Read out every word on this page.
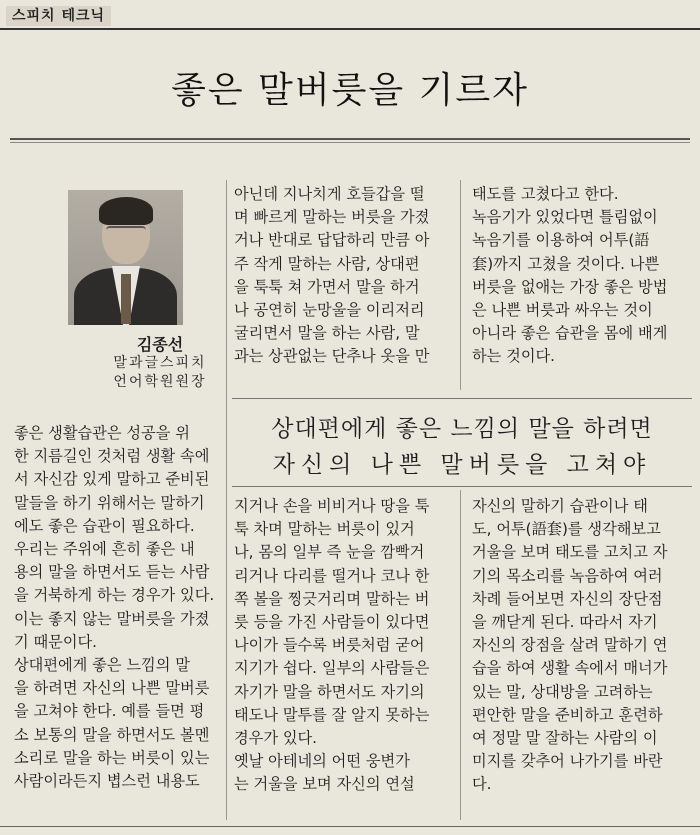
스피치 테크닉
좋은 말버릇을 기르자
김종선
말과글스피치
언어학원원장
좋은 생활습관은 성공을 위
한 지름길인 것처럼 생활 속에
서 자신감 있게 말하고 준비된
말들을 하기 위해서는 말하기
에도 좋은 습관이 필요하다.
우리는 주위에 흔히 좋은 내
용의 말을 하면서도 듣는 사람
을 거북하게 하는 경우가 있다.
이는 좋지 않는 말버릇을 가졌
기 때문이다.
상대편에게 좋은 느낌의 말
을 하려면 자신의 나쁜 말버릇
을 고쳐야 한다. 예를 들면 평
소 보통의 말을 하면서도 볼멘
소리로 말을 하는 버릇이 있는
사람이라든지 볍스런 내용도
아닌데 지나치게 호들갑을 떨
며 빠르게 말하는 버릇을 가졌
거나 반대로 답답하리 만큼 아
주 작게 말하는 사람, 상대편
을 툭툭 쳐 가면서 말을 하거
나 공연히 눈망울을 이리저리
굴리면서 말을 하는 사람, 말
과는 상관없는 단추나 옷을 만
태도를 고쳤다고 한다.
녹음기가 있었다면 틀림없이
녹음기를 이용하여 어투(語
套)까지 고쳤을 것이다. 나쁜
버릇을 없애는 가장 좋은 방법
은 나쁜 버릇과 싸우는 것이
아니라 좋은 습관을 몸에 배게
하는 것이다.
상대편에게 좋은 느낌의 말을 하려면
자신의 나쁜 말버릇을 고쳐야
지거나 손을 비비거나 땅을 툭
툭 차며 말하는 버릇이 있거
나, 몸의 일부 즉 눈을 깜빡거
리거나 다리를 떨거나 코나 한
쪽 볼을 찡긋거리며 말하는 버
릇 등을 가진 사람들이 있다면
나이가 들수록 버릇처럼 굳어
지기가 쉽다. 일부의 사람들은
자기가 말을 하면서도 자기의
태도나 말투를 잘 알지 못하는
경우가 있다.
옛날 아테네의 어떤 웅변가
는 거울을 보며 자신의 연설
자신의 말하기 습관이나 태
도, 어투(語套)를 생각해보고
거울을 보며 태도를 고치고 자
기의 목소리를 녹음하여 여러
차례 들어보면 자신의 장단점
을 깨닫게 된다. 따라서 자기
자신의 장점을 살려 말하기 연
습을 하여 생활 속에서 매너가
있는 말, 상대방을 고려하는
편안한 말을 준비하고 훈련하
여 정말 말 잘하는 사람의 이
미지를 갖추어 나가기를 바란
다.
